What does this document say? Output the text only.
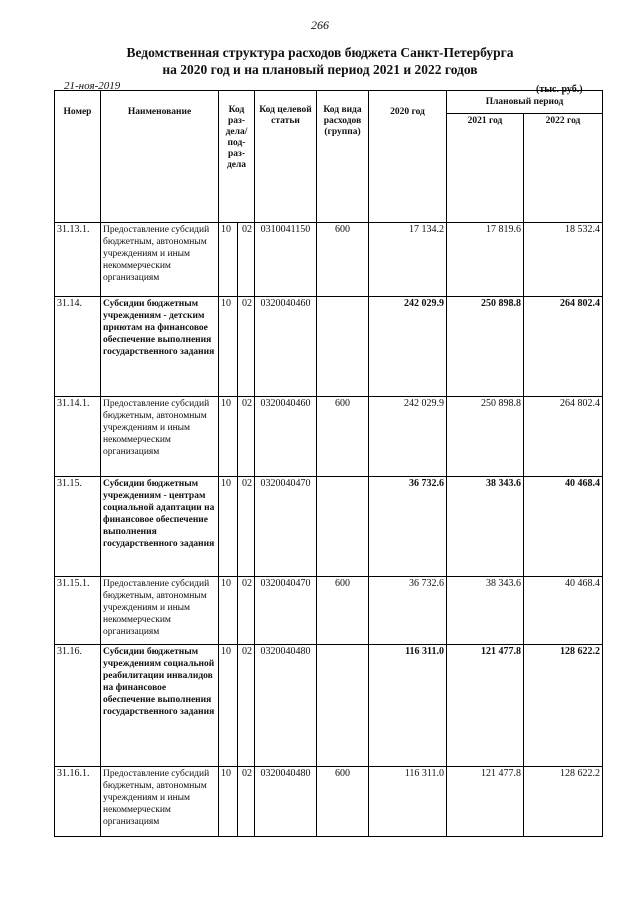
266
Ведомственная структура расходов бюджета Санкт-Петербурга
на 2020 год и на плановый период 2021 и 2022 годов
21-ноя-2019	(тыс. руб.)
Номер	Наименование	Код раз- дела/ под- раз- дела		Код целевой статьи	Код вида расходов (группа)	2020 год	Плановый период	
							2021 год	2022 год
31.13.1.	Предоставление субсидий бюджетным, автономным учреждениям и иным некоммерческим организациям	10	02	0310041150	600	17 134.2	17 819.6	18 532.4
31.14.	Субсидии бюджетным учреждениям - детским приютам на финансовое обеспечение выполнения государственного задания	10	02	0320040460		242 029.9	250 898.8	264 802.4
31.14.1.	Предоставление субсидий бюджетным, автономным учреждениям и иным некоммерческим организациям	10	02	0320040460	600	242 029.9	250 898.8	264 802.4
31.15.	Субсидии бюджетным учреждениям - центрам социальной адаптации на финансовое обеспечение выполнения государственного задания	10	02	0320040470		36 732.6	38 343.6	40 468.4
31.15.1.	Предоставление субсидий бюджетным, автономным учреждениям и иным некоммерческим организациям	10	02	0320040470	600	36 732.6	38 343.6	40 468.4
31.16.	Субсидии бюджетным учреждениям социальной реабилитации инвалидов на финансовое обеспечение выполнения государственного задания	10	02	0320040480		116 311.0	121 477.8	128 622.2
31.16.1.	Предоставление субсидий бюджетным, автономным учреждениям и иным некоммерческим организациям	10	02	0320040480	600	116 311.0	121 477.8	128 622.2
